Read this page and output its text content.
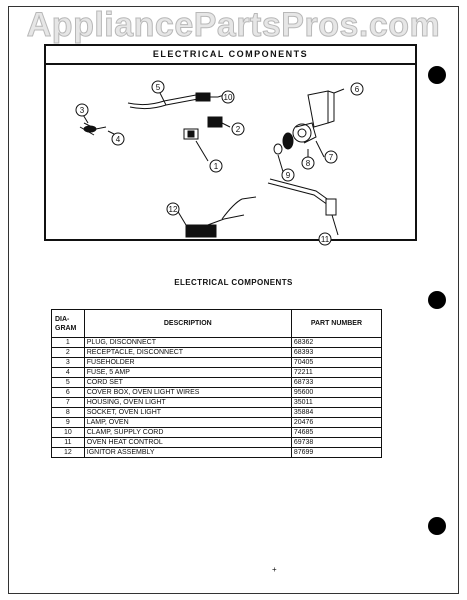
AppliancePartsPros.com
ELECTRICAL COMPONENTS
3
4
5
10
2
1
6
7
8
9
12
11
ELECTRICAL COMPONENTS
DIA-
GRAM	DESCRIPTION	PART NUMBER
1	PLUG, DISCONNECT	68362
2	RECEPTACLE, DISCONNECT	68393
3	FUSEHOLDER	70405
4	FUSE, 5 AMP	72211
5	CORD SET	68733
6	COVER BOX, OVEN LIGHT WIRES	95600
7	HOUSING, OVEN LIGHT	35011
8	SOCKET, OVEN LIGHT	35884
9	LAMP, OVEN	20476
10	CLAMP, SUPPLY CORD	74685
11	OVEN HEAT CONTROL	69738
12	IGNITOR ASSEMBLY	87699
+
